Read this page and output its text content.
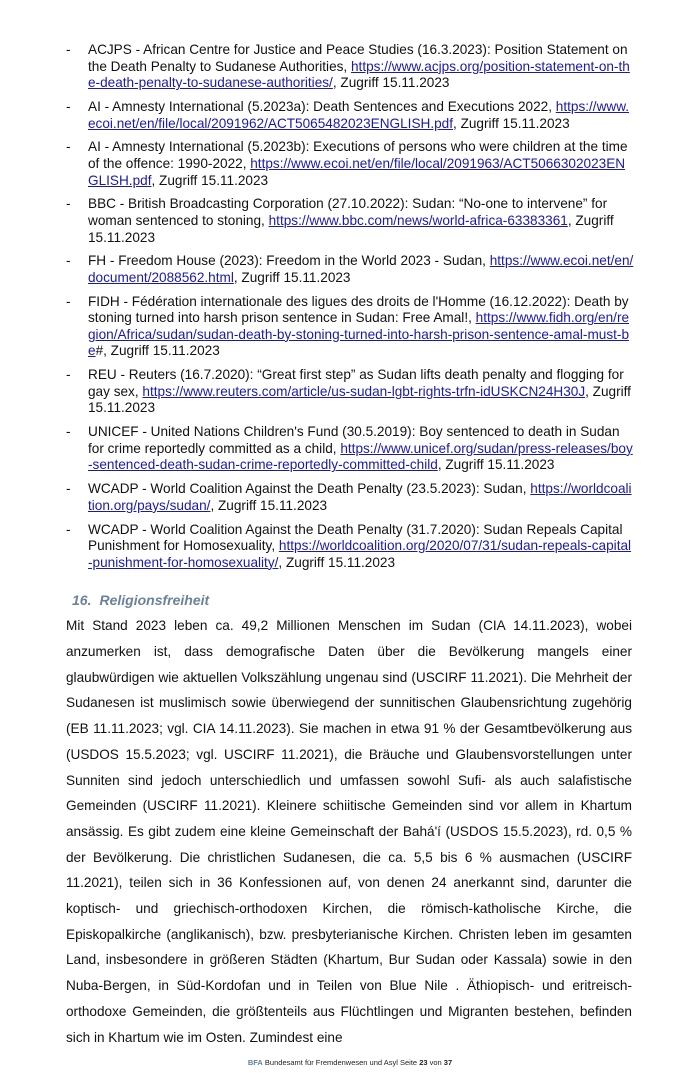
- ACJPS - African Centre for Justice and Peace Studies (16.3.2023): Position Statement on the Death Penalty to Sudanese Authorities, https://www.acjps.org/position-statement-on-the-death-penalty-to-sudanese-authorities/, Zugriff 15.11.2023
- AI - Amnesty International (5.2023a): Death Sentences and Executions 2022, https://www.ecoi.net/en/file/local/2091962/ACT5065482023ENGLISH.pdf, Zugriff 15.11.2023
- AI - Amnesty International (5.2023b): Executions of persons who were children at the time of the offence: 1990-2022, https://www.ecoi.net/en/file/local/2091963/ACT5066302023ENGLISH.pdf, Zugriff 15.11.2023
- BBC - British Broadcasting Corporation (27.10.2022): Sudan: “No-one to intervene” for woman sentenced to stoning, https://www.bbc.com/news/world-africa-63383361, Zugriff 15.11.2023
- FH - Freedom House (2023): Freedom in the World 2023 - Sudan, https://www.ecoi.net/en/document/2088562.html, Zugriff 15.11.2023
- FIDH - Fédération internationale des ligues des droits de l'Homme (16.12.2022): Death by stoning turned into harsh prison sentence in Sudan: Free Amal!, https://www.fidh.org/en/region/Africa/sudan/sudan-death-by-stoning-turned-into-harsh-prison-sentence-amal-must-be#, Zugriff 15.11.2023
- REU - Reuters (16.7.2020): “Great first step” as Sudan lifts death penalty and flogging for gay sex, https://www.reuters.com/article/us-sudan-lgbt-rights-trfn-idUSKCN24H30J, Zugriff 15.11.2023
- UNICEF - United Nations Children's Fund (30.5.2019): Boy sentenced to death in Sudan for crime reportedly committed as a child, https://www.unicef.org/sudan/press-releases/boy-sentenced-death-sudan-crime-reportedly-committed-child, Zugriff 15.11.2023
- WCADP - World Coalition Against the Death Penalty (23.5.2023): Sudan, https://worldcoalition.org/pays/sudan/, Zugriff 15.11.2023
- WCADP - World Coalition Against the Death Penalty (31.7.2020): Sudan Repeals Capital Punishment for Homosexuality, https://worldcoalition.org/2020/07/31/sudan-repeals-capital-punishment-for-homosexuality/, Zugriff 15.11.2023
16. Religionsfreiheit

Mit Stand 2023 leben ca. 49,2 Millionen Menschen im Sudan (CIA 14.11.2023), wobei anzumerken ist, dass demografische Daten über die Bevölkerung mangels einer glaubwürdigen wie aktuellen Volkszählung ungenau sind (USCIRF 11.2021). Die Mehrheit der Sudanesen ist muslimisch sowie überwiegend der sunnitischen Glaubensrichtung zugehörig (EB 11.11.2023; vgl. CIA 14.11.2023). Sie machen in etwa 91 % der Gesamtbevölkerung aus (USDOS 15.5.2023; vgl. USCIRF 11.2021), die Bräuche und Glaubensvorstellungen unter Sunniten sind jedoch unterschiedlich und umfassen sowohl Sufi- als auch salafistische Gemeinden (USCIRF 11.2021). Kleinere schiitische Gemeinden sind vor allem in Khartum ansässig. Es gibt zudem eine kleine Gemeinschaft der Bahá'í (USDOS 15.5.2023), rd. 0,5 % der Bevölkerung. Die christlichen Sudanesen, die ca. 5,5 bis 6 % ausmachen (USCIRF 11.2021), teilen sich in 36 Konfessionen auf, von denen 24 anerkannt sind, darunter die koptisch- und griechisch-orthodoxen Kirchen, die römisch-katholische Kirche, die Episkopalkirche (anglikanisch), bzw. presbyterianische Kirchen. Christen leben im gesamten Land, insbesondere in größeren Städten (Khartum, Bur Sudan oder Kassala) sowie in den Nuba-Bergen, in Süd-Kordofan und in Teilen von Blue Nile . Äthiopisch- und eritreisch-orthodoxe Gemeinden, die größtenteils aus Flüchtlingen und Migranten bestehen, befinden sich in Khartum wie im Osten. Zumindest eine

BFA Bundesamt für Fremdenwesen und Asyl Seite 23 von 37
